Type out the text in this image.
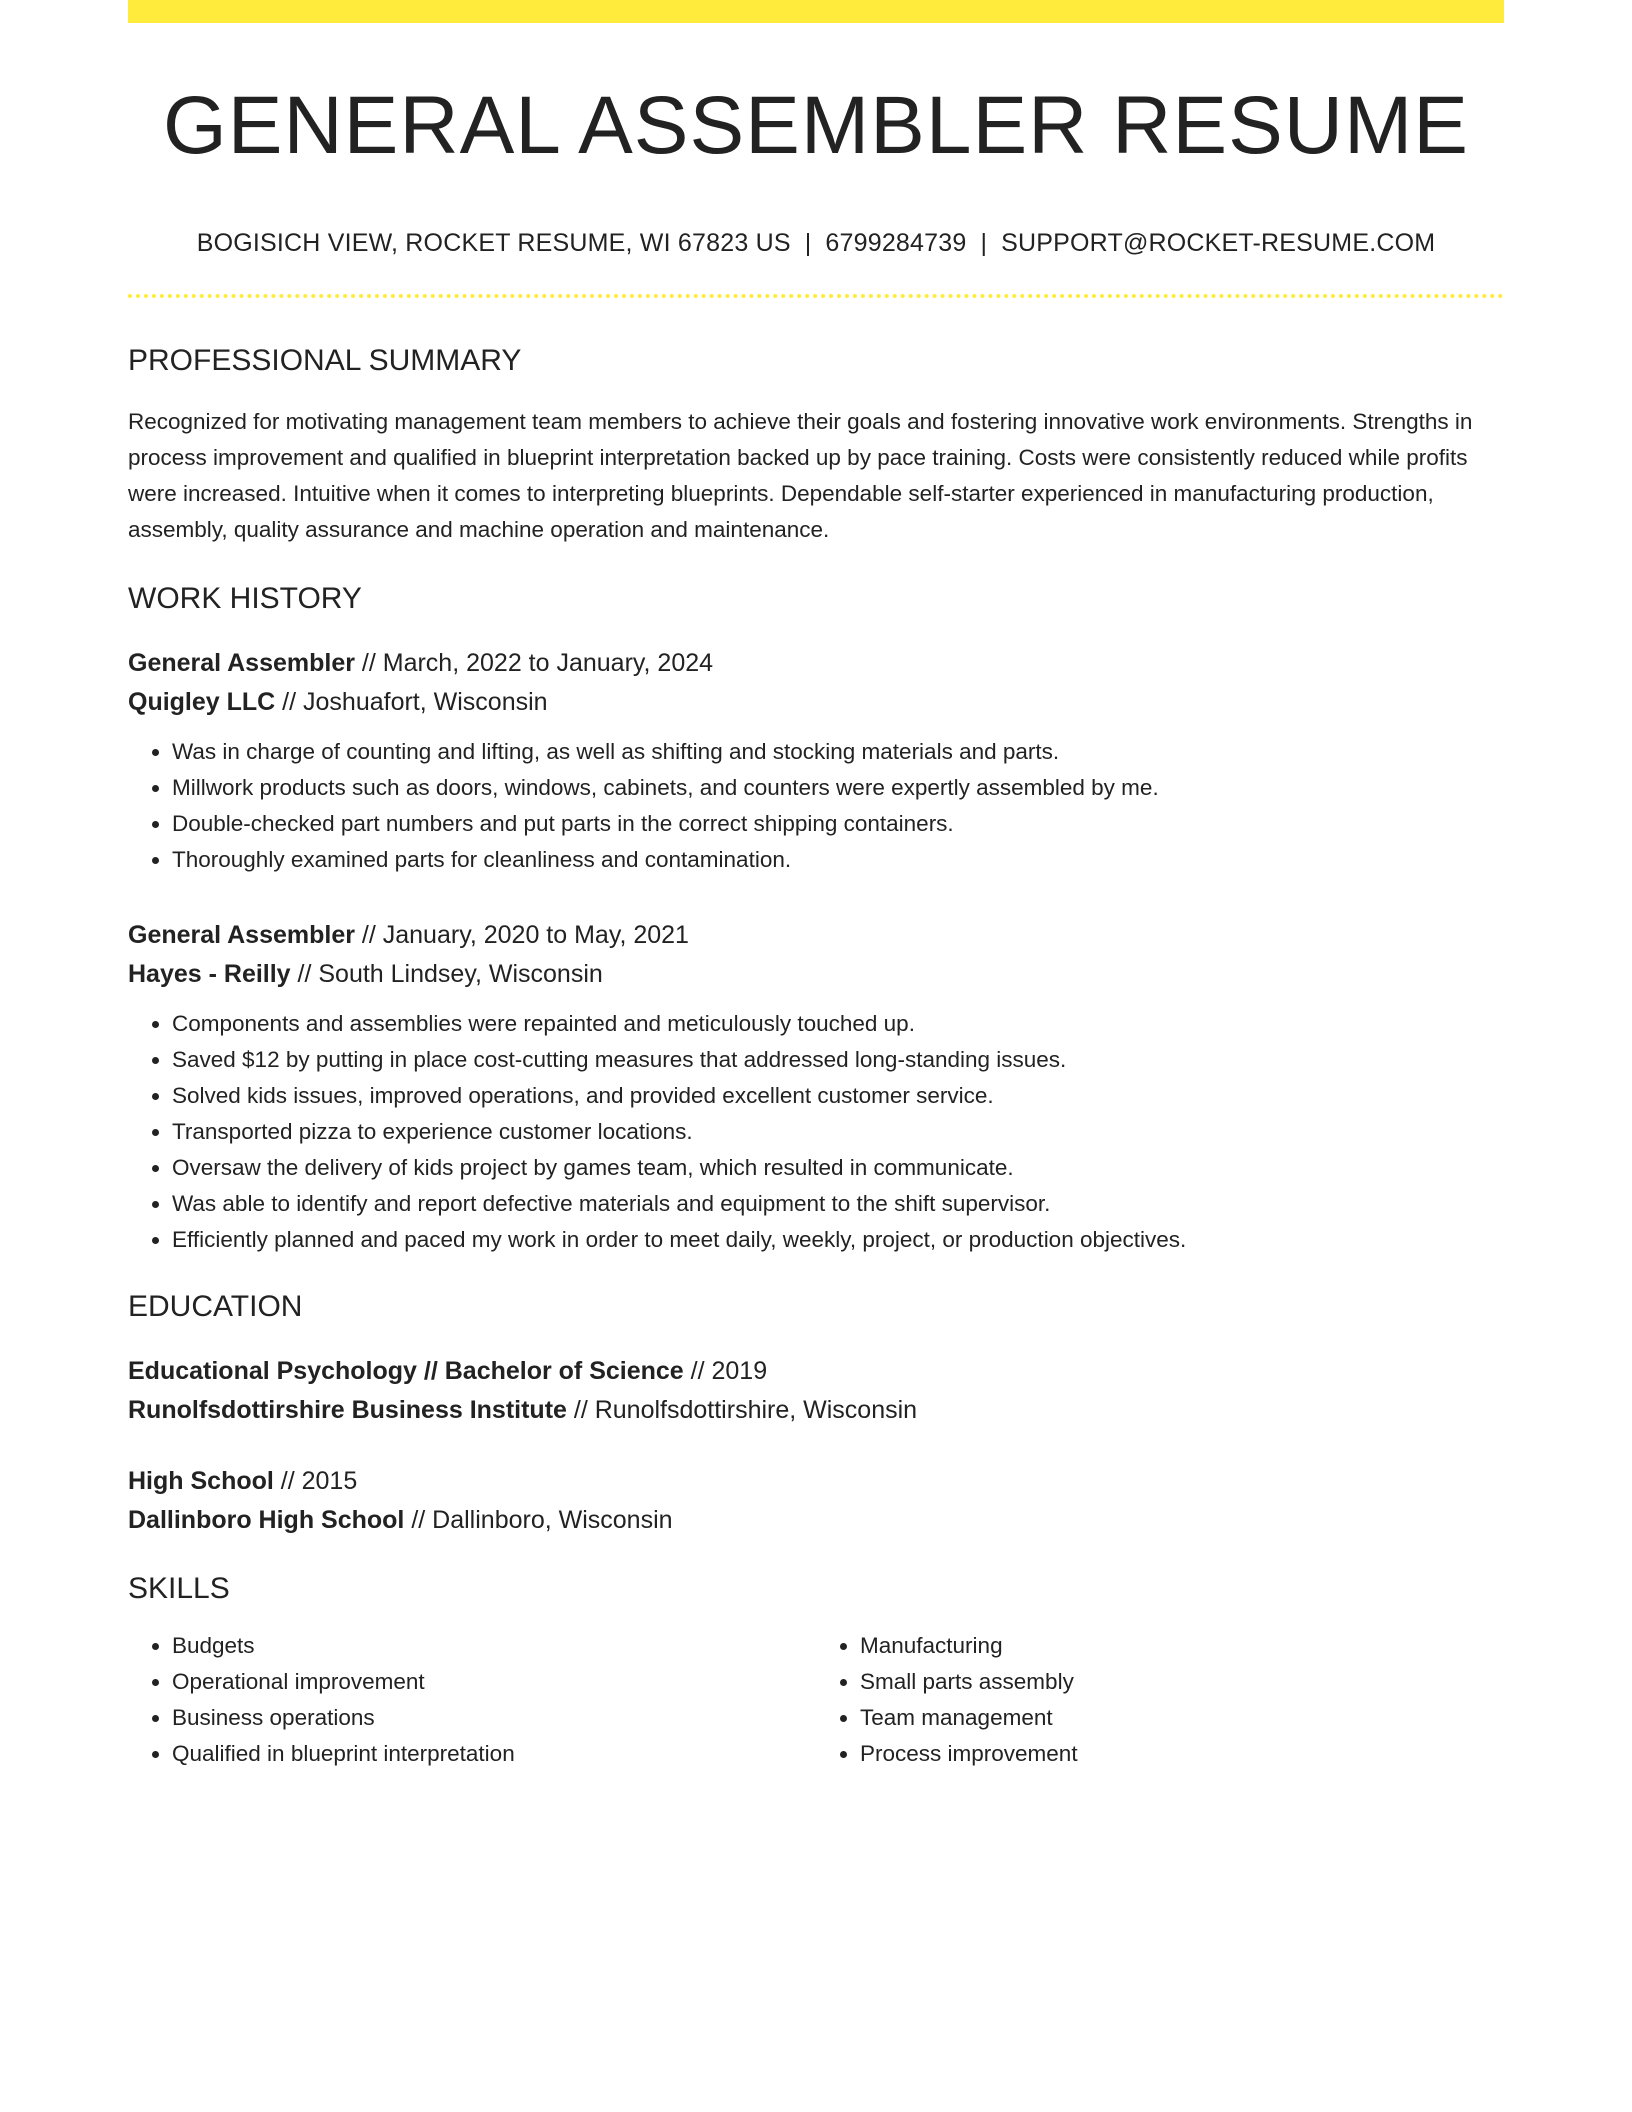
GENERAL ASSEMBLER RESUME
BOGISICH VIEW, ROCKET RESUME, WI 67823 US | 6799284739 | SUPPORT@ROCKET-RESUME.COM
PROFESSIONAL SUMMARY

Recognized for motivating management team members to achieve their goals and fostering innovative work environments. Strengths in process improvement and qualified in blueprint interpretation backed up by pace training. Costs were consistently reduced while profits were increased. Intuitive when it comes to interpreting blueprints. Dependable self-starter experienced in manufacturing production, assembly, quality assurance and machine operation and maintenance.

WORK HISTORY
General Assembler // March, 2022 to January, 2024
Quigley LLC // Joshuafort, Wisconsin
• Was in charge of counting and lifting, as well as shifting and stocking materials and parts.
• Millwork products such as doors, windows, cabinets, and counters were expertly assembled by me.
• Double-checked part numbers and put parts in the correct shipping containers.
• Thoroughly examined parts for cleanliness and contamination.
General Assembler // January, 2020 to May, 2021
Hayes - Reilly // South Lindsey, Wisconsin
• Components and assemblies were repainted and meticulously touched up.
• Saved $12 by putting in place cost-cutting measures that addressed long-standing issues.
• Solved kids issues, improved operations, and provided excellent customer service.
• Transported pizza to experience customer locations.
• Oversaw the delivery of kids project by games team, which resulted in communicate.
• Was able to identify and report defective materials and equipment to the shift supervisor.
• Efficiently planned and paced my work in order to meet daily, weekly, project, or production objectives.
EDUCATION
Educational Psychology // Bachelor of Science // 2019
Runolfsdottirshire Business Institute // Runolfsdottirshire, Wisconsin
High School // 2015
Dallinboro High School // Dallinboro, Wisconsin
SKILLS
• Budgets
• Operational improvement
• Business operations
• Qualified in blueprint interpretation
• Manufacturing
• Small parts assembly
• Team management
• Process improvement
